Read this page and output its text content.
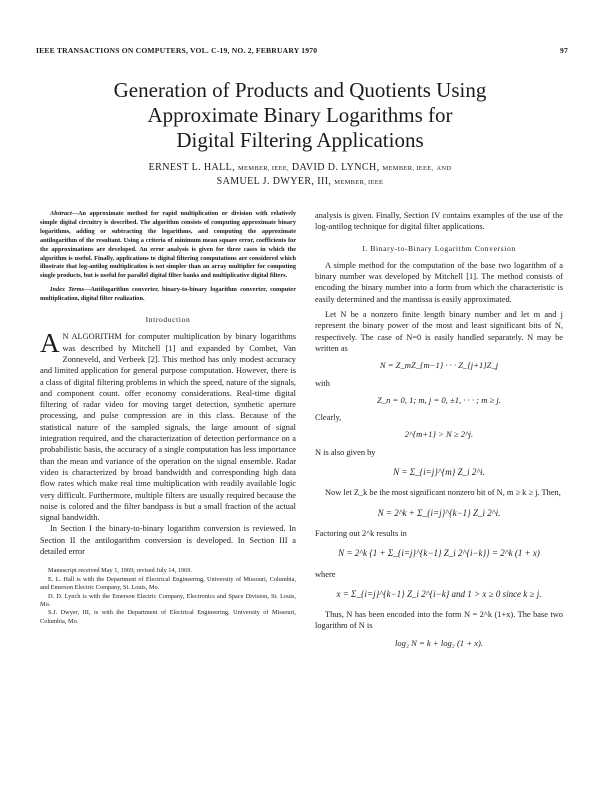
IEEE TRANSACTIONS ON COMPUTERS, VOL. C-19, NO. 2, FEBRUARY 1970	97
Generation of Products and Quotients Using
Approximate Binary Logarithms for
Digital Filtering Applications
ERNEST L. HALL, MEMBER, IEEE, DAVID D. LYNCH, MEMBER, IEEE, AND
SAMUEL J. DWYER, III, MEMBER, IEEE

Abstract—An approximate method for rapid multiplication or division with relatively simple digital circuitry is described. The algorithm consists of computing approximate binary logarithms, adding or subtracting the logarithms, and computing the approximate antilogarithm of the resultant. Using a criteria of minimum mean square error, coefficients for the approximations are developed. An error analysis is given for three cases in which the algorithm is useful. Finally, applications to digital filtering computations are considered which illustrate that log-antilog multiplication is not simpler than an array multiplier for computing single products, but is useful for parallel digital filter banks and multiplicative digital filters.

Index Terms—Antilogarithm converter, binary-to-binary logarithm converter, computer multiplication, digital filter realization.

Introduction

A N ALGORITHM for computer multiplication by binary logarithms was described by Mitchell [1] and expanded by Combet, Van Zonneveld, and Verbeek [2]. This method has only modest accuracy and limited application for general purpose computation. However, there is a class of digital filtering problems in which the speed, nature of the signals, and component count. offer economy considerations. Real-time digital filtering of radar video for moving target detection, synthetic aperture processing, and pulse compression are in this class. Because of the statistical nature of the sampled signals, the large amount of signal integration required, and the characterization of detection performance on a probabilistic basis, the accuracy of a single computation has less importance than the mean and variance of the operation on the signal ensemble. Radar video is characterized by broad bandwidth and corresponding high data flow rates which make real time multiplication with readily available logic very difficult. Furthermore, multiple filters are usually required because the noise is colored and the filter bandpass is but a small fraction of the actual signal bandwidth.

In Section I the binary-to-binary logarithm conversion is reviewed. In Section II the antilogarithm conversion is developed. In Section III a detailed error

Manuscript received May 1, 1969; revised July 14, 1969.

E. L. Hall is with the Department of Electrical Engineering, University of Missouri, Columbia, and Emerson Electric Company, St. Louis, Mo.

D. D. Lynch is with the Emerson Electric Company, Electronics and Space Division, St. Louis, Mo.

S.J. Dwyer, III, is with the Department of Electrical Engineering, University of Missouri, Columbia, Mo.

analysis is given. Finally, Section IV contains examples of the use of the log-antilog technique for digital filter applications.

I. Binary-to-Binary Logarithm Conversion

A simple method for the computation of the base two logarithm of a binary number was developed by Mitchell [1]. The method consists of encoding the binary number into a form from which the characteristic is easily determined and the mantissa is easily approximated.

Let N be a nonzero finite length binary number and let m and j represent the binary power of the most and least significant bits of N, respectively. The case of N=0 is easily handled separately. N may be written as

N = Z_mZ_{m−1} · · · Z_{j+1}Z_j

with

Z_n = 0, 1; m, j = 0, ±1, · · · ; m ≥ j.

Clearly,

2^{m+1} > N ≥ 2^j.

N is also given by

N = Σ_{i=j}^{m} Z_i 2^i.

Now let Z_k be the most significant nonzero bit of N, m ≥ k ≥ j. Then,

N = 2^k + Σ_{i=j}^{k−1} Z_i 2^i.

Factoring out 2^k results in

N = 2^k {1 + Σ_{i=j}^{k−1} Z_i 2^{i−k}} = 2^k (1 + x)

where

x = Σ_{i=j}^{k−1} Z_i 2^{i−k} and 1 > x ≥ 0 since k ≥ j.

Thus, N has been encoded into the form N = 2^k (1+x). The base two logarithm of N is

log₂ N = k + log₂ (1 + x).
